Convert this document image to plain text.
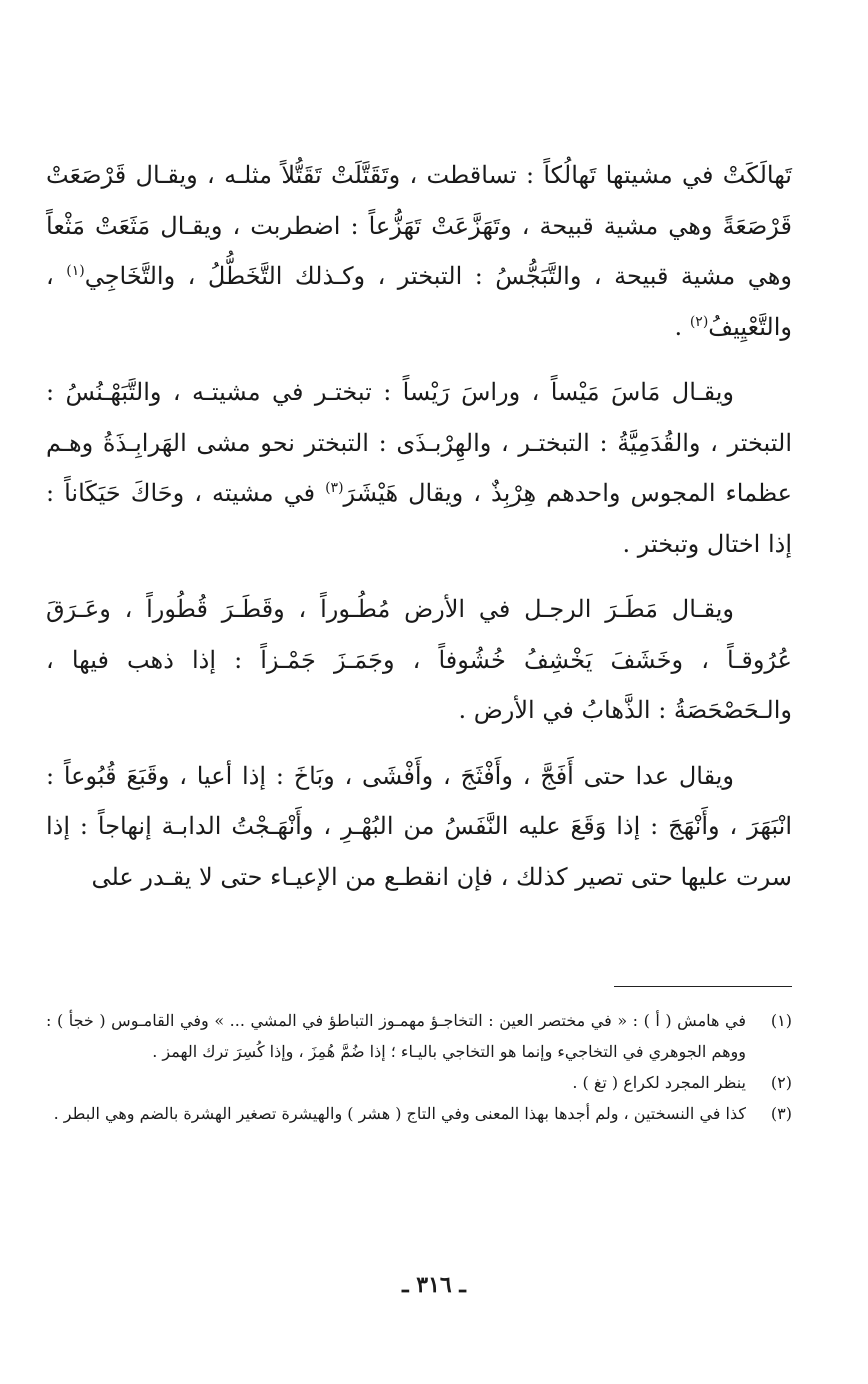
تَهالَكَتْ في مشيتها تَهالُكاً : تساقطت ، وتَقَتَّلَتْ تَقَتُّلاً مثلـه ، ويقـال قَرْصَعَتْ قَرْصَعَةً وهي مشية قبيحة ، وتَهَزَّعَتْ تَهَزُّعاً : اضطربت ، ويقـال مَثَعَتْ مَثْعاً وهي مشية قبيحة ، والتَّبَجُّسُ : التبختر ، وكـذلك التَّخَطُّلُ ، والتَّخَاجِي$^{(١)}$ ، والتَّعْيِيفُ$^{(٢)}$ .

ويقـال مَاسَ مَيْساً ، وراسَ رَيْساً : تبختـر في مشيتـه ، والتَّبَهْـنُسُ : التبختر ، والقُدَمِيَّةُ : التبختـر ، والهِرْبـذَى : التبختر نحو مشى الهَرابِـذَةُ وهـم عظماء المجوس واحدهم هِرْبِذٌ ، ويقال هَيْشَرَ$^{(٣)}$ في مشيته ، وحَاكَ حَيَكَاناً : إذا اختال وتبختر .

ويقـال مَطَـرَ الرجـل في الأرض مُطُـوراً ، وقَطَـرَ قُطُوراً ، وعَـرَقَ عُرُوقـاً ، وخَشَفَ يَخْشِفُ خُشُوفاً ، وجَمَـزَ جَمْـزاً : إذا ذهب فيها ، والـحَصْحَصَةُ : الذَّهابُ في الأرض .

ويقال عدا حتى أَفَجَّ ، وأَفْثَجَ ، وأَفْشَى ، وبَاخَ : إذا أعيا ، وقَبَعَ قُبُوعاً : انْبَهَرَ ، وأَنْهَجَ : إذا وَقَعَ عليه النَّفَسُ من البُهْـرِ ، وأَنْهَـجْتُ الدابـة إنهاجاً : إذا سرت عليها حتى تصير كذلك ، فإن انقطـع من الإعيـاء حتى لا يقـدر على

(١)
في هامش ( أ ) : « في مختصر العين : التخاجـؤ مهمـوز التباطؤ في المشي ... » وفي القامـوس ( خجأ ) : ووهم الجوهري في التخاجيء وإنما هو التخاجي باليـاء ؛ إذا ضُمَّ هُمِزَ ، وإذا كُسِرَ ترك الهمز .
(٢)
ينظر المجرد لكراع ( تغ ) .
(٣)
كذا في النسختين ، ولم أجدها بهذا المعنى وفي التاج ( هشر ) والهيشرة تصغير الهشرة بالضم وهي البطر .
ـ ٣١٦ ـ
